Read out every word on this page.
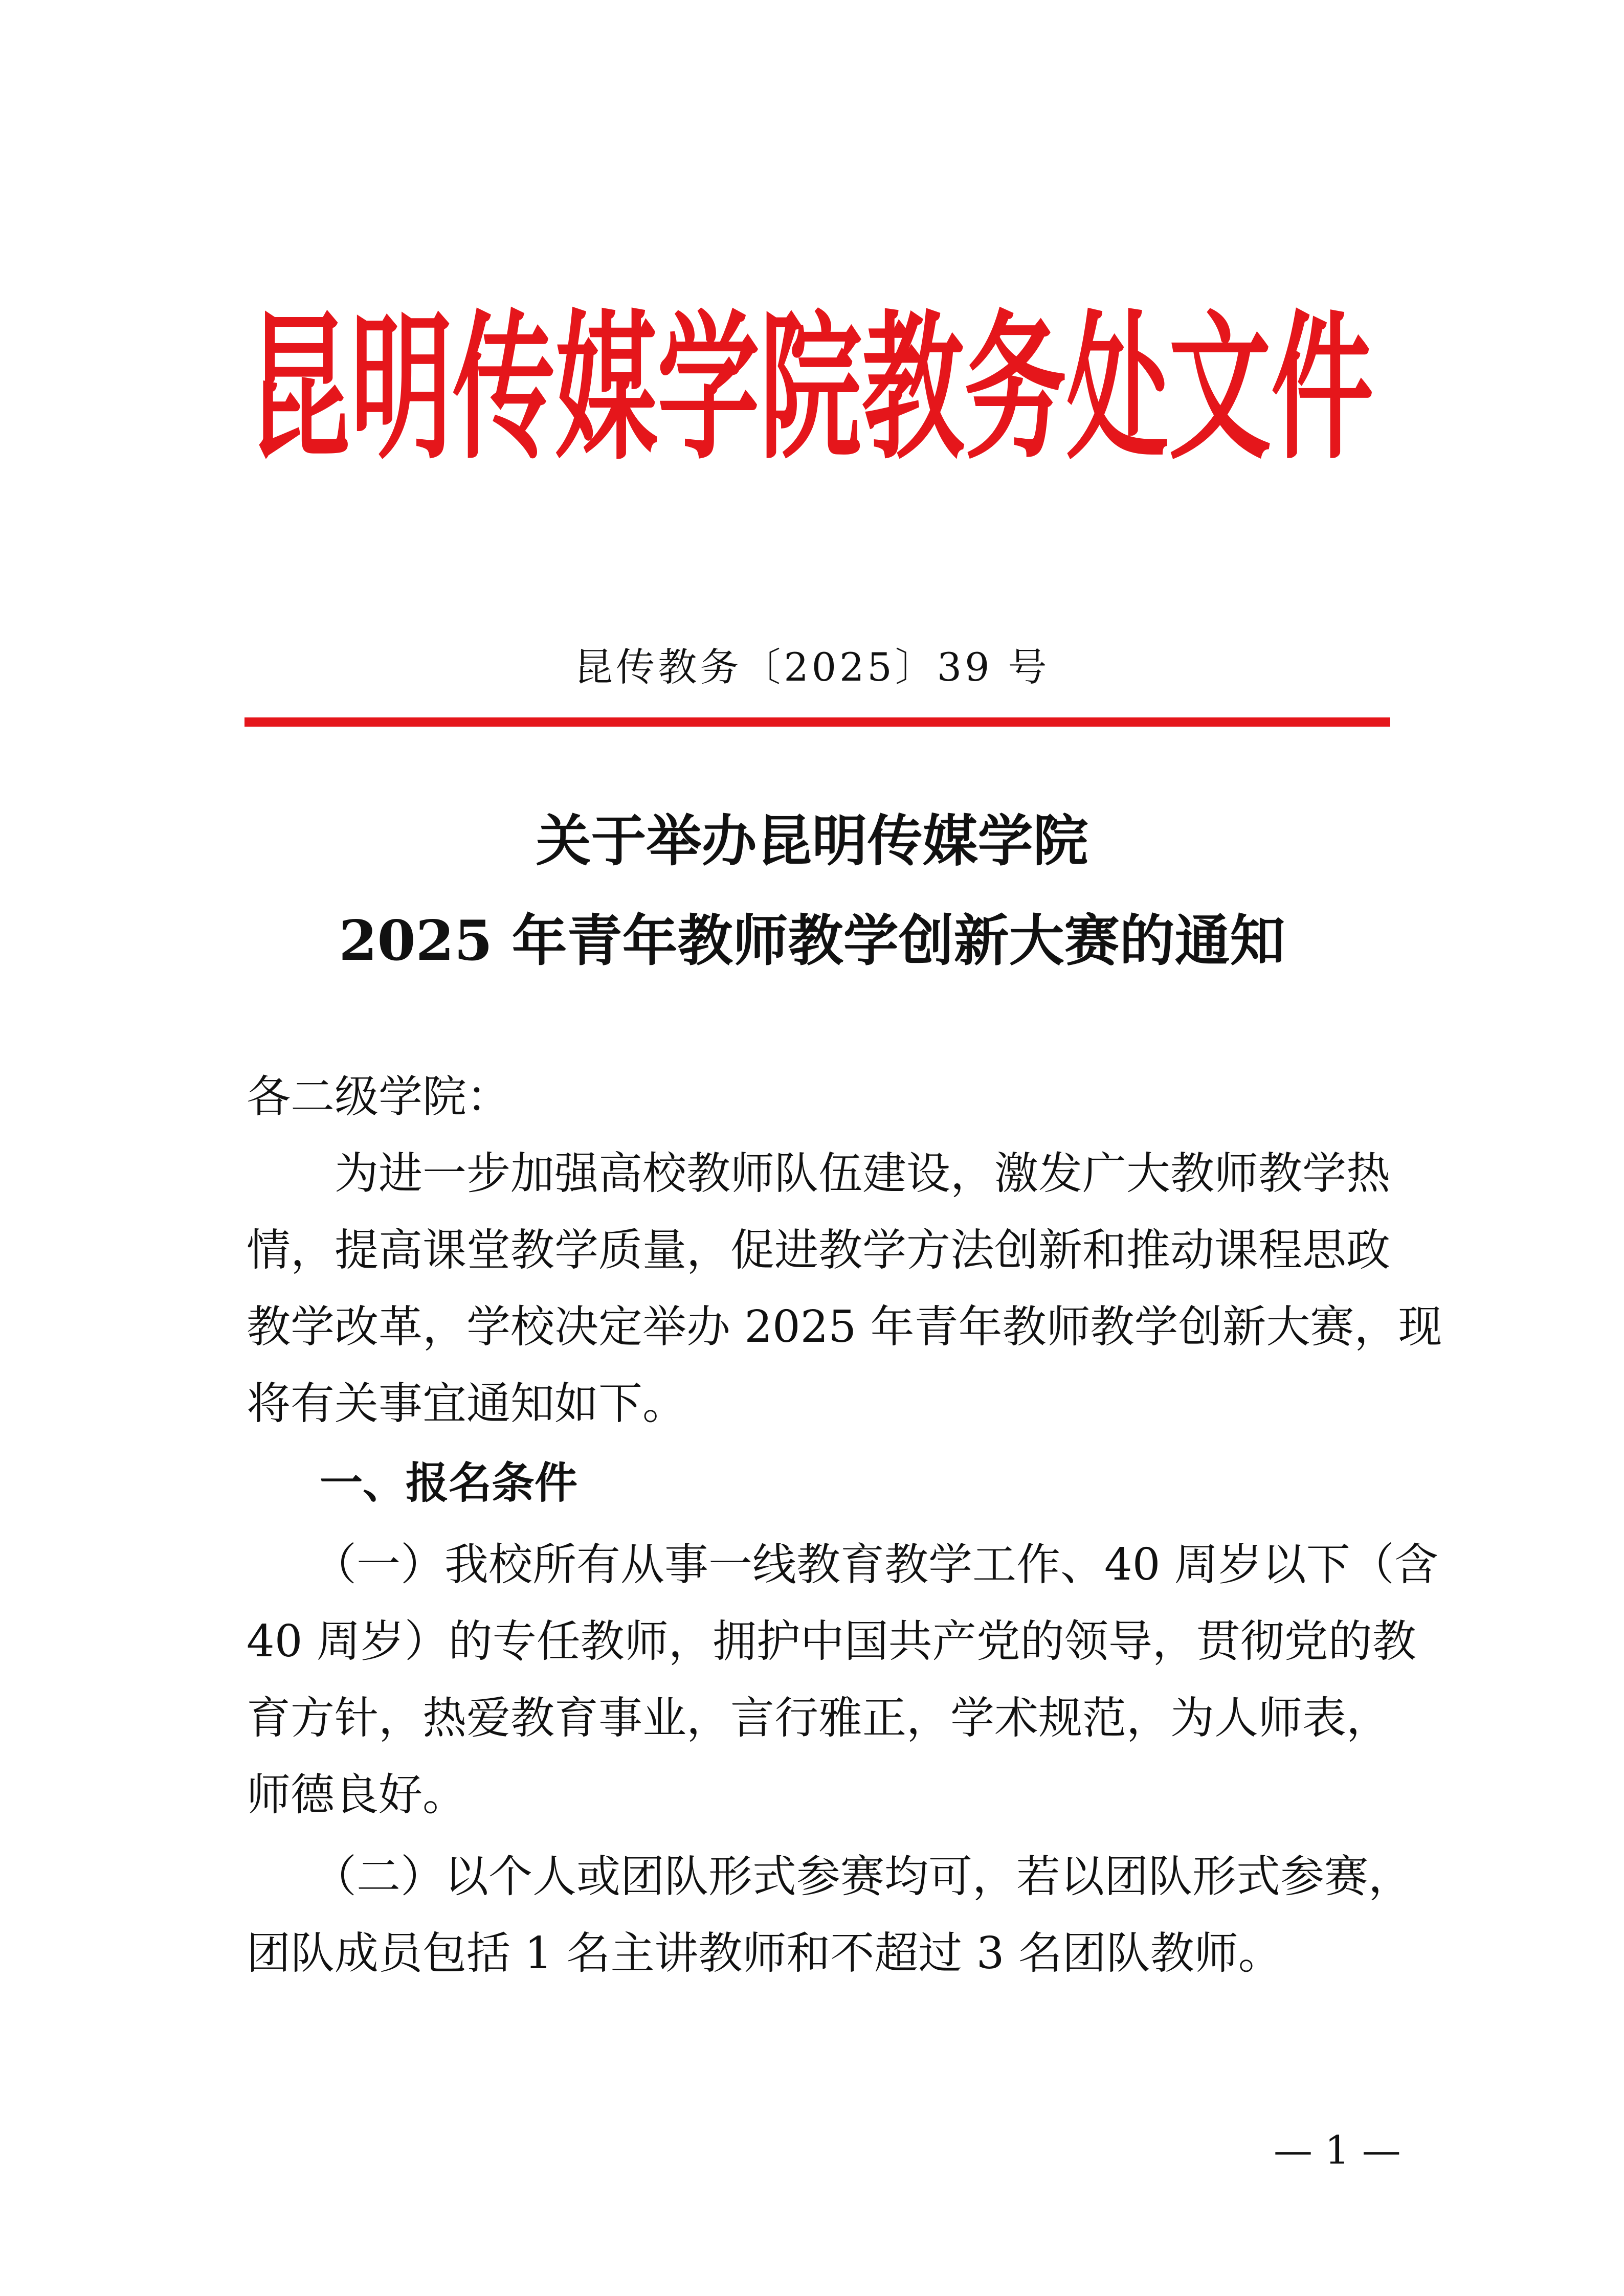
昆明传媒学院教务处文件
昆传教务〔2025〕39 号
关于举办昆明传媒学院
2025 年青年教师教学创新大赛的通知
各二级学院：
　　为进一步加强高校教师队伍建设，激发广大教师教学热
情，提高课堂教学质量，促进教学方法创新和推动课程思政
教学改革，学校决定举办 2025 年青年教师教学创新大赛，现
将有关事宜通知如下。
一、报名条件
　　（一）我校所有从事一线教育教学工作、40 周岁以下（含
40 周岁）的专任教师，拥护中国共产党的领导，贯彻党的教
育方针，热爱教育事业，言行雅正，学术规范，为人师表，
师德良好。
　　（二）以个人或团队形式参赛均可，若以团队形式参赛，
团队成员包括 1 名主讲教师和不超过 3 名团队教师。
— 1 —
